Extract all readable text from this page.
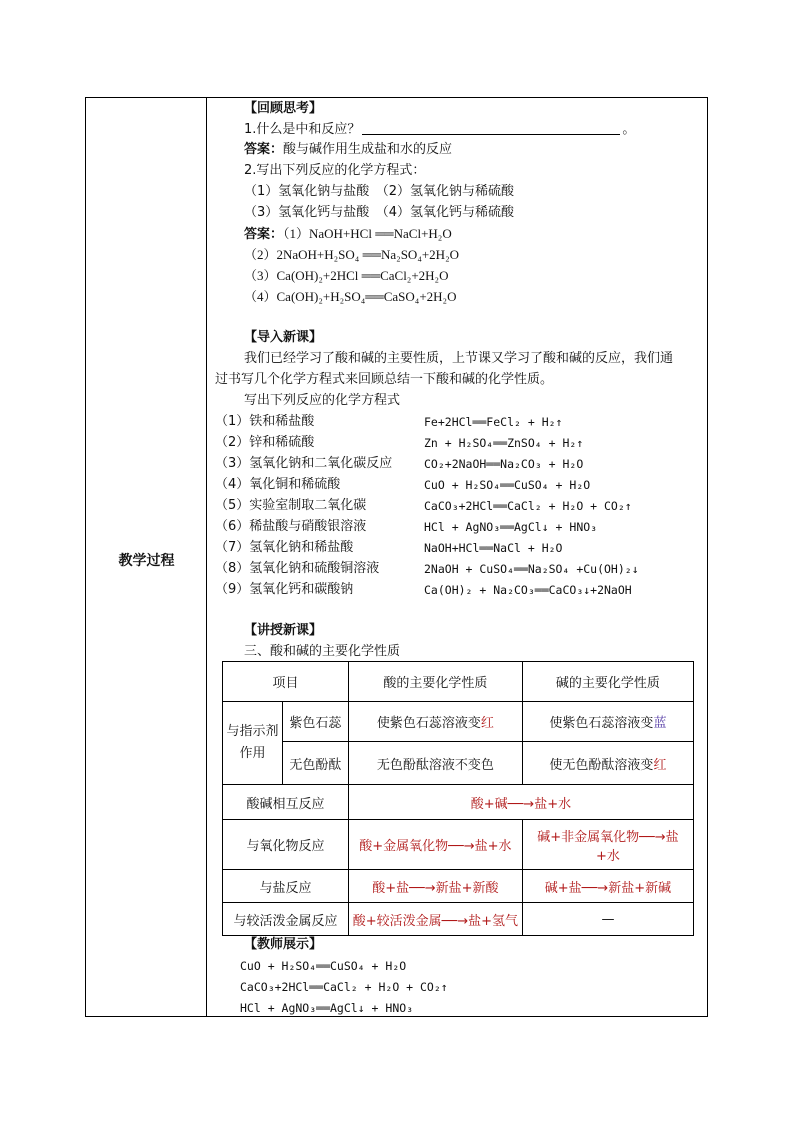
教学过程
【回顾思考】
1.什么是中和反应？	。
答案：酸与碱作用生成盐和水的反应
2.写出下列反应的化学方程式：
（1）氢氧化钠与盐酸　（2）氢氧化钠与稀硫酸
（3）氢氧化钙与盐酸　（4）氢氧化钙与稀硫酸
答案：（1）NaOH+HCl ══NaCl+H₂O
（2）2NaOH+H₂SO₄ ══Na₂SO₄+2H₂O
（3）Ca(OH)₂+2HCl ══CaCl₂+2H₂O
（4）Ca(OH)₂+H₂SO₄══CaSO₄+2H₂O
【导入新课】
我们已经学习了酸和碱的主要性质，上节课又学习了酸和碱的反应，我们通
过书写几个化学方程式来回顾总结一下酸和碱的化学性质。
写出下列反应的化学方程式
（1）铁和稀盐酸	Fe+2HCl══FeCl₂ + H₂↑
（2）锌和稀硫酸	Zn + H₂SO₄══ZnSO₄ + H₂↑
（3）氢氧化钠和二氧化碳反应	CO₂+2NaOH══Na₂CO₃ + H₂O
（4）氧化铜和稀硫酸	CuO + H₂SO₄══CuSO₄ + H₂O
（5）实验室制取二氧化碳	CaCO₃+2HCl══CaCl₂ + H₂O + CO₂↑
（6）稀盐酸与硝酸银溶液	HCl + AgNO₃══AgCl↓ + HNO₃
（7）氢氧化钠和稀盐酸	NaOH+HCl══NaCl + H₂O
（8）氢氧化钠和硫酸铜溶液	2NaOH + CuSO₄══Na₂SO₄ +Cu(OH)₂↓
（9）氢氧化钙和碳酸钠	Ca(OH)₂ + Na₂CO₃══CaCO₃↓+2NaOH
【讲授新课】
三、酸和碱的主要化学性质
项目		酸的主要化学性质	碱的主要化学性质
与指示剂作用	紫色石蕊	使紫色石蕊溶液变红	使紫色石蕊溶液变蓝
	无色酚酞	无色酚酞溶液不变色	使无色酚酞溶液变红
酸碱相互反应		酸+碱──→盐+水	
与氧化物反应		酸+金属氧化物──→盐+水	碱+非金属氧化物──→盐+水
与盐反应		酸+盐──→新盐+新酸	碱+盐──→新盐+新碱
与较活泼金属反应		酸+较活泼金属──→盐+氢气	—
【教师展示】
CuO + H₂SO₄══CuSO₄ + H₂O
CaCO₃+2HCl══CaCl₂ + H₂O + CO₂↑
HCl + AgNO₃══AgCl↓ + HNO₃
